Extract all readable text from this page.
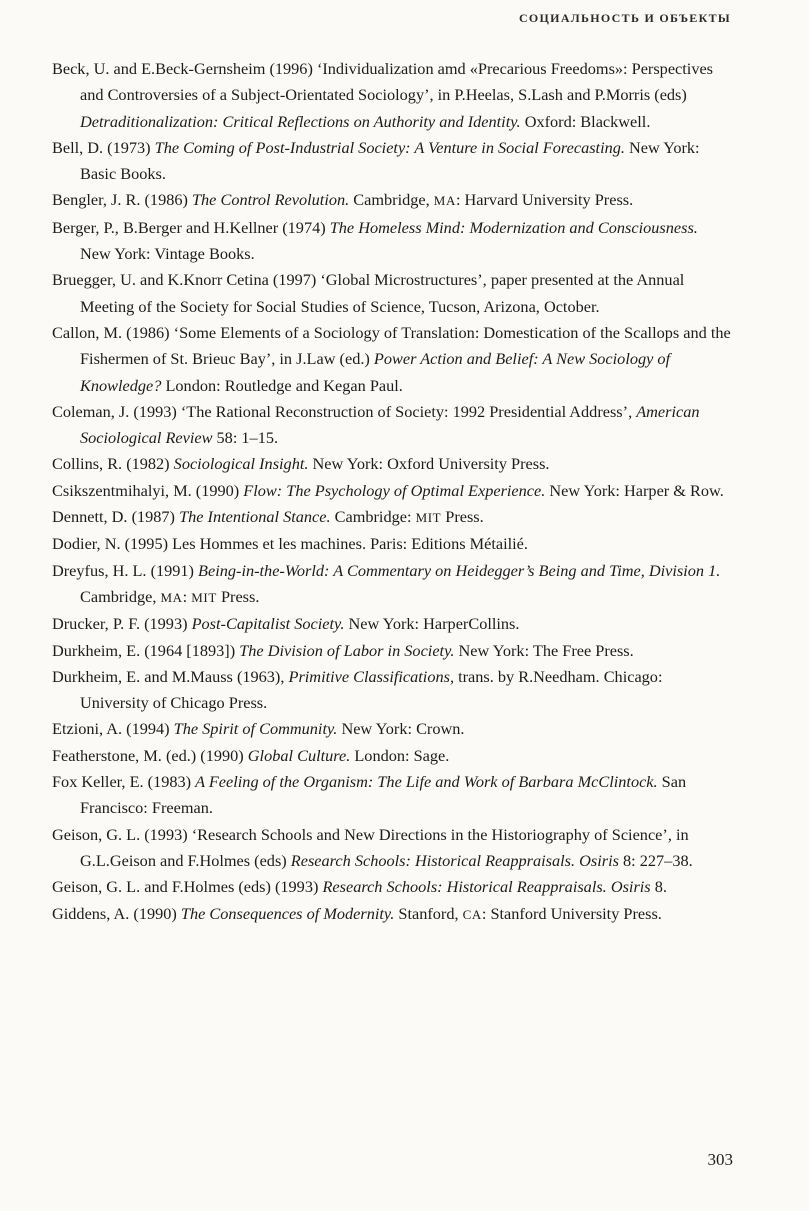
СОЦИАЛЬНОСТЬ И ОБЪЕКТЫ

Beck, U. and E.Beck-Gernsheim (1996) ‘Individualization amd «Precarious Freedoms»: Perspectives and Controversies of a Subject-Orientated Sociology’, in P.Heelas, S.Lash and P.Morris (eds) Detraditionalization: Critical Reflections on Authority and Identity. Oxford: Blackwell.

Bell, D. (1973) The Coming of Post-Industrial Society: A Venture in Social Forecasting. New York: Basic Books.

Bengler, J. R. (1986) The Control Revolution. Cambridge, MA: Harvard University Press.

Berger, P., B.Berger and H.Kellner (1974) The Homeless Mind: Modernization and Consciousness. New York: Vintage Books.

Bruegger, U. and K.Knorr Cetina (1997) ‘Global Microstructures’, paper presented at the Annual Meeting of the Society for Social Studies of Science, Tucson, Arizona, October.

Callon, M. (1986) ‘Some Elements of a Sociology of Translation: Domestication of the Scallops and the Fishermen of St. Brieuc Bay’, in J.Law (ed.) Power Action and Belief: A New Sociology of Knowledge? London: Routledge and Kegan Paul.

Coleman, J. (1993) ‘The Rational Reconstruction of Society: 1992 Presidential Address’, American Sociological Review 58: 1–15.

Collins, R. (1982) Sociological Insight. New York: Oxford University Press.

Csikszentmihalyi, M. (1990) Flow: The Psychology of Optimal Experience. New York: Harper & Row.

Dennett, D. (1987) The Intentional Stance. Cambridge: MIT Press.

Dodier, N. (1995) Les Hommes et les machines. Paris: Editions Métailié.

Dreyfus, H. L. (1991) Being-in-the-World: A Commentary on Heidegger’s Being and Time, Division 1. Cambridge, MA: MIT Press.

Drucker, P. F. (1993) Post-Capitalist Society. New York: HarperCollins.

Durkheim, E. (1964 [1893]) The Division of Labor in Society. New York: The Free Press.

Durkheim, E. and M.Mauss (1963), Primitive Classifications, trans. by R.Needham. Chicago: University of Chicago Press.

Etzioni, A. (1994) The Spirit of Community. New York: Crown.

Featherstone, M. (ed.) (1990) Global Culture. London: Sage.

Fox Keller, E. (1983) A Feeling of the Organism: The Life and Work of Barbara McClintock. San Francisco: Freeman.

Geison, G. L. (1993) ‘Research Schools and New Directions in the Historiography of Science’, in G.L.Geison and F.Holmes (eds) Research Schools: Historical Reappraisals. Osiris 8: 227–38.

Geison, G. L. and F.Holmes (eds) (1993) Research Schools: Historical Reappraisals. Osiris 8.

Giddens, A. (1990) The Consequences of Modernity. Stanford, CA: Stanford University Press.

303
